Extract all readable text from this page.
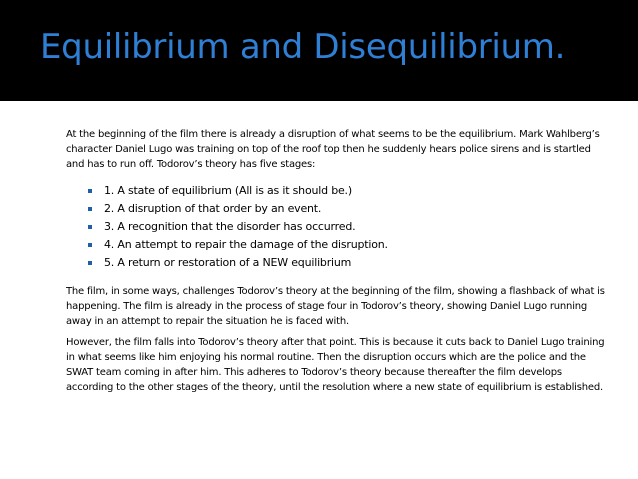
Equilibrium and Disequilibrium.

At the beginning of the film there is already a disruption of what seems to be the equilibrium. Mark Wahlberg’s character Daniel Lugo was training on top of the roof top then he suddenly hears police sirens and is startled and has to run off. Todorov’s theory has five stages:

1. A state of equilibrium (All is as it should be.)
2. A disruption of that order by an event.
3. A recognition that the disorder has occurred.
4. An attempt to repair the damage of the disruption.
5. A return or restoration of a NEW equilibrium

The film, in some ways, challenges Todorov’s theory at the beginning of the film, showing a flashback of what is happening. The film is already in the process of stage four in Todorov’s theory, showing Daniel Lugo running away in an attempt to repair the situation he is faced with.

However, the film falls into Todorov’s theory after that point. This is because it cuts back to Daniel Lugo training in what seems like him enjoying his normal routine. Then the disruption occurs which are the police and the SWAT team coming in after him. This adheres to Todorov’s theory because thereafter the film develops according to the other stages of the theory, until the resolution where a new state of equilibrium is established.
